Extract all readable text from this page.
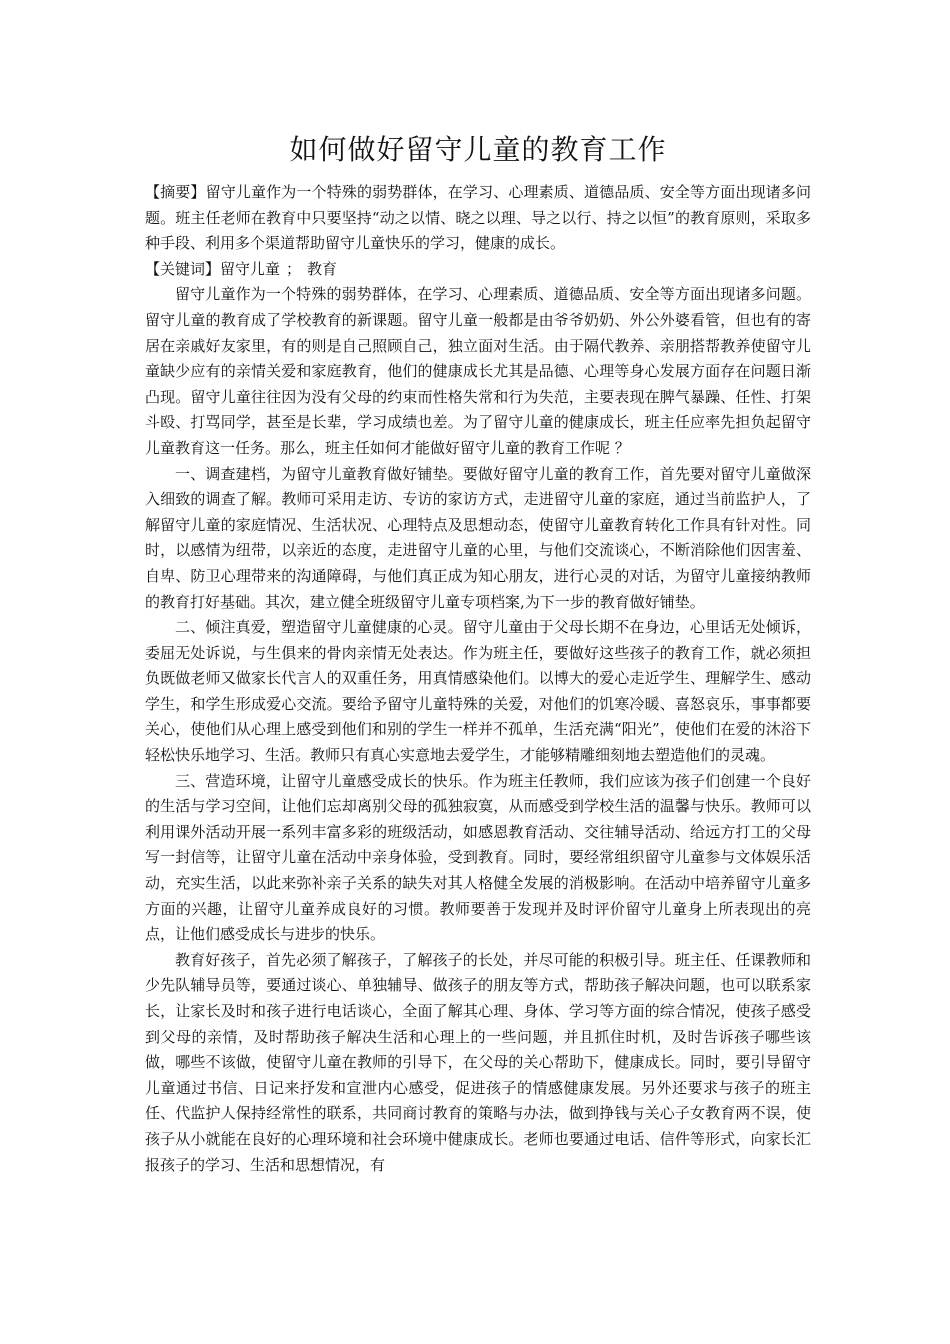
如何做好留守儿童的教育工作

【摘要】留守儿童作为一个特殊的弱势群体，在学习、心理素质、道德品质、安全等方面出现诸多问题。班主任老师在教育中只要坚持“动之以情、晓之以理、导之以行、持之以恒”的教育原则，采取多种手段、利用多个渠道帮助留守儿童快乐的学习，健康的成长。

【关键词】留守儿童 ； 教育

留守儿童作为一个特殊的弱势群体，在学习、心理素质、道德品质、安全等方面出现诸多问题。留守儿童的教育成了学校教育的新课题。留守儿童一般都是由爷爷奶奶、外公外婆看管，但也有的寄居在亲戚好友家里，有的则是自己照顾自己，独立面对生活。由于隔代教养、亲朋搭帮教养使留守儿童缺少应有的亲情关爱和家庭教育，他们的健康成长尤其是品德、心理等身心发展方面存在问题日渐凸现。留守儿童往往因为没有父母的约束而性格失常和行为失范，主要表现在脾气暴躁、任性、打架斗殴、打骂同学，甚至是长辈，学习成绩也差。为了留守儿童的健康成长，班主任应率先担负起留守儿童教育这一任务。那么，班主任如何才能做好留守儿童的教育工作呢 ？

一、调查建档，为留守儿童教育做好铺垫。要做好留守儿童的教育工作，首先要对留守儿童做深入细致的调查了解。教师可采用走访、专访的家访方式，走进留守儿童的家庭，通过当前监护人，了解留守儿童的家庭情况、生活状况、心理特点及思想动态，使留守儿童教育转化工作具有针对性。同时，以感情为纽带，以亲近的态度，走进留守儿童的心里，与他们交流谈心，不断消除他们因害羞、自卑、防卫心理带来的沟通障碍，与他们真正成为知心朋友，进行心灵的对话，为留守儿童接纳教师的教育打好基础。其次，建立健全班级留守儿童专项档案,为下一步的教育做好铺垫。

二、倾注真爱，塑造留守儿童健康的心灵。留守儿童由于父母长期不在身边，心里话无处倾诉，委屈无处诉说，与生俱来的骨肉亲情无处表达。作为班主任，要做好这些孩子的教育工作，就必须担负既做老师又做家长代言人的双重任务，用真情感染他们。以博大的爱心走近学生、理解学生、感动学生，和学生形成爱心交流。要给予留守儿童特殊的关爱，对他们的饥寒冷暖、喜怒哀乐，事事都要关心，使他们从心理上感受到他们和别的学生一样并不孤单，生活充满“阳光”，使他们在爱的沐浴下轻松快乐地学习、生活。教师只有真心实意地去爱学生，才能够精雕细刻地去塑造他们的灵魂。

三、营造环境，让留守儿童感受成长的快乐。作为班主任教师，我们应该为孩子们创建一个良好的生活与学习空间，让他们忘却离别父母的孤独寂寞，从而感受到学校生活的温馨与快乐。教师可以利用课外活动开展一系列丰富多彩的班级活动，如感恩教育活动、交往辅导活动、给远方打工的父母写一封信等，让留守儿童在活动中亲身体验，受到教育。同时，要经常组织留守儿童参与文体娱乐活动，充实生活，以此来弥补亲子关系的缺失对其人格健全发展的消极影响。在活动中培养留守儿童多方面的兴趣，让留守儿童养成良好的习惯。教师要善于发现并及时评价留守儿童身上所表现出的亮点，让他们感受成长与进步的快乐。

教育好孩子，首先必须了解孩子，了解孩子的长处，并尽可能的积极引导。班主任、任课教师和少先队辅导员等，要通过谈心、单独辅导、做孩子的朋友等方式，帮助孩子解决问题，也可以联系家长，让家长及时和孩子进行电话谈心，全面了解其心理、身体、学习等方面的综合情况，使孩子感受到父母的亲情，及时帮助孩子解决生活和心理上的一些问题，并且抓住时机，及时告诉孩子哪些该做，哪些不该做，使留守儿童在教师的引导下，在父母的关心帮助下，健康成长。同时，要引导留守儿童通过书信、日记来抒发和宣泄内心感受，促进孩子的情感健康发展。另外还要求与孩子的班主任、代监护人保持经常性的联系，共同商讨教育的策略与办法，做到挣钱与关心子女教育两不误，使孩子从小就能在良好的心理环境和社会环境中健康成长。老师也要通过电话、信件等形式，向家长汇报孩子的学习、生活和思想情况，有
